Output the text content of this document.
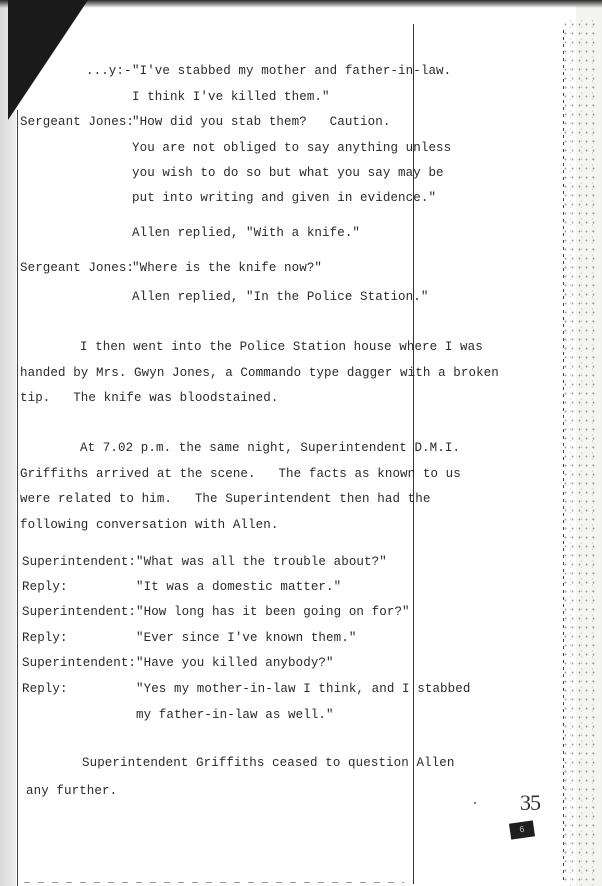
...y:- "I've stabbed my mother and father-in-law.
I think I've killed them."
Sergeant Jones:
"How did you stab them?   Caution.
You are not obliged to say anything unless
you wish to do so but what you say may be
put into writing and given in evidence."
Allen replied, "With a knife."
Sergeant Jones:
"Where is the knife now?"
Allen replied, "In the Police Station."
I then went into the Police Station house where I was
handed by Mrs. Gwyn Jones, a Commando type dagger with a broken
tip.   The knife was bloodstained.
At 7.02 p.m. the same night, Superintendent D.M.I.
Griffiths arrived at the scene.   The facts as known to us
were related to him.   The Superintendent then had the
following conversation with Allen.
Superintendent: "What was all the trouble about?"
Reply:	"It was a domestic matter."
Superintendent: "How long has it been going on for?"
Reply:	"Ever since I've known them."
Superintendent: "Have you killed anybody?"
Reply:	"Yes my mother-in-law I think, and I stabbed
my father-in-law as well."
Superintendent Griffiths ceased to question Allen
any further.	35
6
